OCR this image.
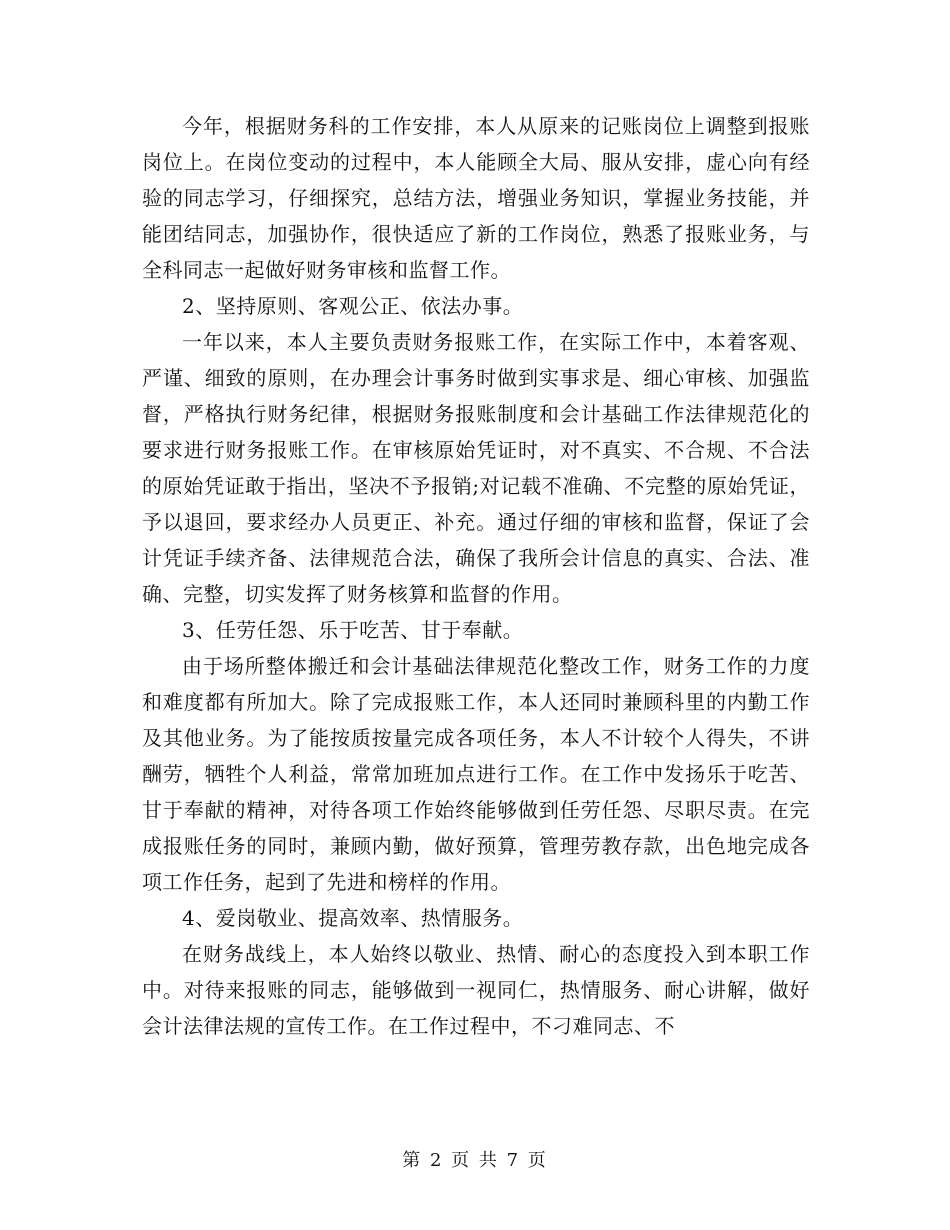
今年，根据财务科的工作安排，本人从原来的记账岗位上调整到报账岗位上。在岗位变动的过程中，本人能顾全大局、服从安排，虚心向有经验的同志学习，仔细探究，总结方法，增强业务知识，掌握业务技能，并能团结同志，加强协作，很快适应了新的工作岗位，熟悉了报账业务，与全科同志一起做好财务审核和监督工作。

2、坚持原则、客观公正、依法办事。

一年以来，本人主要负责财务报账工作，在实际工作中，本着客观、严谨、细致的原则，在办理会计事务时做到实事求是、细心审核、加强监督，严格执行财务纪律，根据财务报账制度和会计基础工作法律规范化的要求进行财务报账工作。在审核原始凭证时，对不真实、不合规、不合法的原始凭证敢于指出，坚决不予报销;对记载不准确、不完整的原始凭证，予以退回，要求经办人员更正、补充。通过仔细的审核和监督，保证了会计凭证手续齐备、法律规范合法，确保了我所会计信息的真实、合法、准确、完整，切实发挥了财务核算和监督的作用。

3、任劳任怨、乐于吃苦、甘于奉献。

由于场所整体搬迁和会计基础法律规范化整改工作，财务工作的力度和难度都有所加大。除了完成报账工作，本人还同时兼顾科里的内勤工作及其他业务。为了能按质按量完成各项任务，本人不计较个人得失，不讲酬劳，牺牲个人利益，常常加班加点进行工作。在工作中发扬乐于吃苦、甘于奉献的精神，对待各项工作始终能够做到任劳任怨、尽职尽责。在完成报账任务的同时，兼顾内勤，做好预算，管理劳教存款，出色地完成各项工作任务，起到了先进和榜样的作用。

4、爱岗敬业、提高效率、热情服务。

在财务战线上，本人始终以敬业、热情、耐心的态度投入到本职工作中。对待来报账的同志，能够做到一视同仁，热情服务、耐心讲解，做好会计法律法规的宣传工作。在工作过程中，不刁难同志、不

第 2 页 共 7 页
